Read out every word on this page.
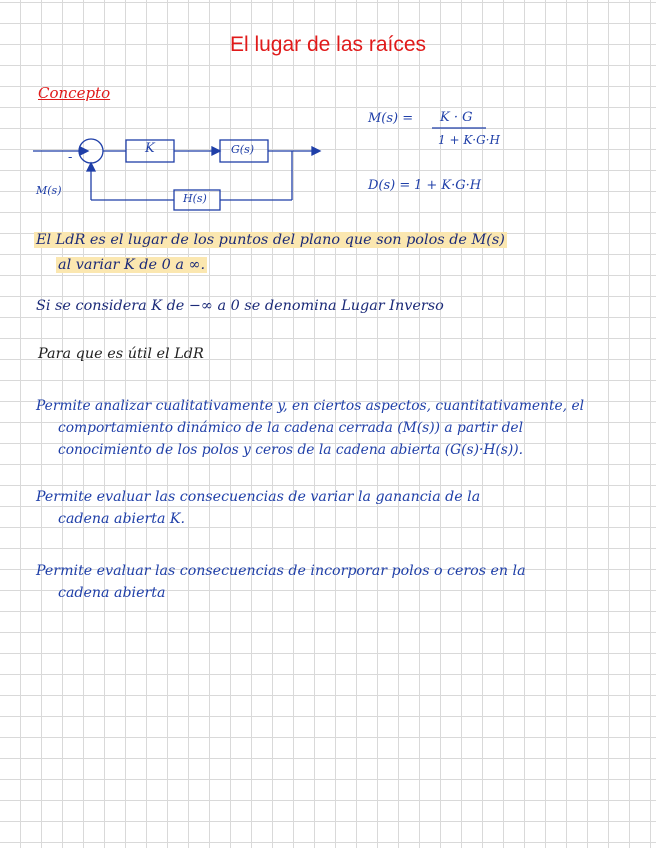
El lugar de las raíces
Concepto
M(s)
-
K	G(s)
H(s)
M(s) = K · G
1 + K·G·H
D(s) = 1 + K·G·H
El LdR es el lugar de los puntos del plano que son polos de M(s)
al variar K de 0 a ∞.
Si se considera K de −∞ a 0 se denomina Lugar Inverso
Para que es útil el LdR
Permite analizar cualitativamente y, en ciertos aspectos, cuantitativamente, el
comportamiento dinámico de la cadena cerrada (M(s)) a partir del
conocimiento de los polos y ceros de la cadena abierta (G(s)·H(s)).
Permite evaluar las consecuencias de variar la ganancia de la
cadena abierta K.
Permite evaluar las consecuencias de incorporar polos o ceros en la
cadena abierta
